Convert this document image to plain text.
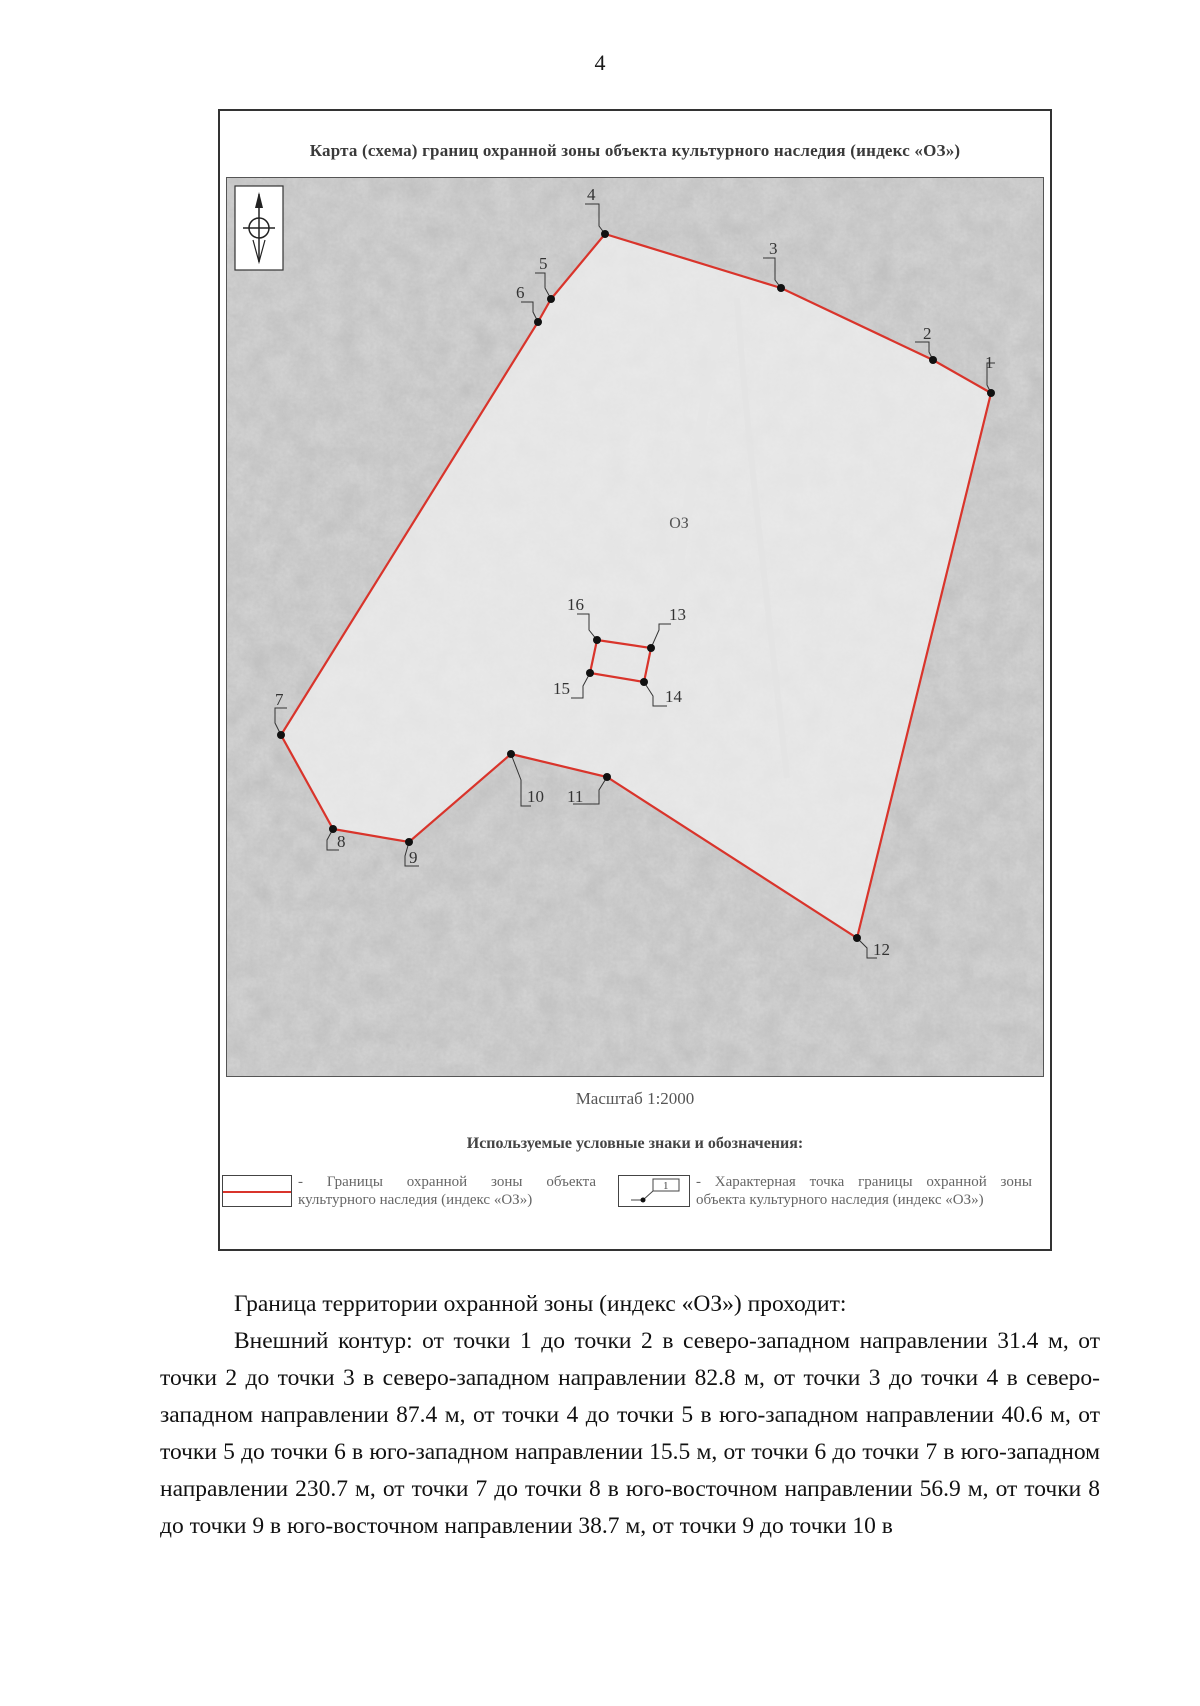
4
Карта (схема) границ охранной зоны объекта культурного наследия (индекс «ОЗ»)
ОЗ
1
2
3
4
5
6
7
8
9
10 11
12
13
14
15
16
Масштаб 1:2000
Используемые условные знаки и обозначения:
- Границы охранной зоны объекта культурного наследия (индекс «ОЗ»)
1 - Характерная точка границы охранной зоны объекта культурного наследия (индекс «ОЗ»)

Граница территории охранной зоны (индекс «ОЗ») проходит:

Внешний контур: от точки 1 до точки 2 в северо-западном направлении 31.4 м, от точки 2 до точки 3 в северо-западном направлении 82.8 м, от точки 3 до точки 4 в северо-западном направлении 87.4 м, от точки 4 до точки 5 в юго-западном направлении 40.6 м, от точки 5 до точки 6 в юго-западном направлении 15.5 м, от точки 6 до точки 7 в юго-западном направлении 230.7 м, от точки 7 до точки 8 в юго-восточном направлении 56.9 м, от точки 8 до точки 9 в юго-восточном направлении 38.7 м, от точки 9 до точки 10 в
